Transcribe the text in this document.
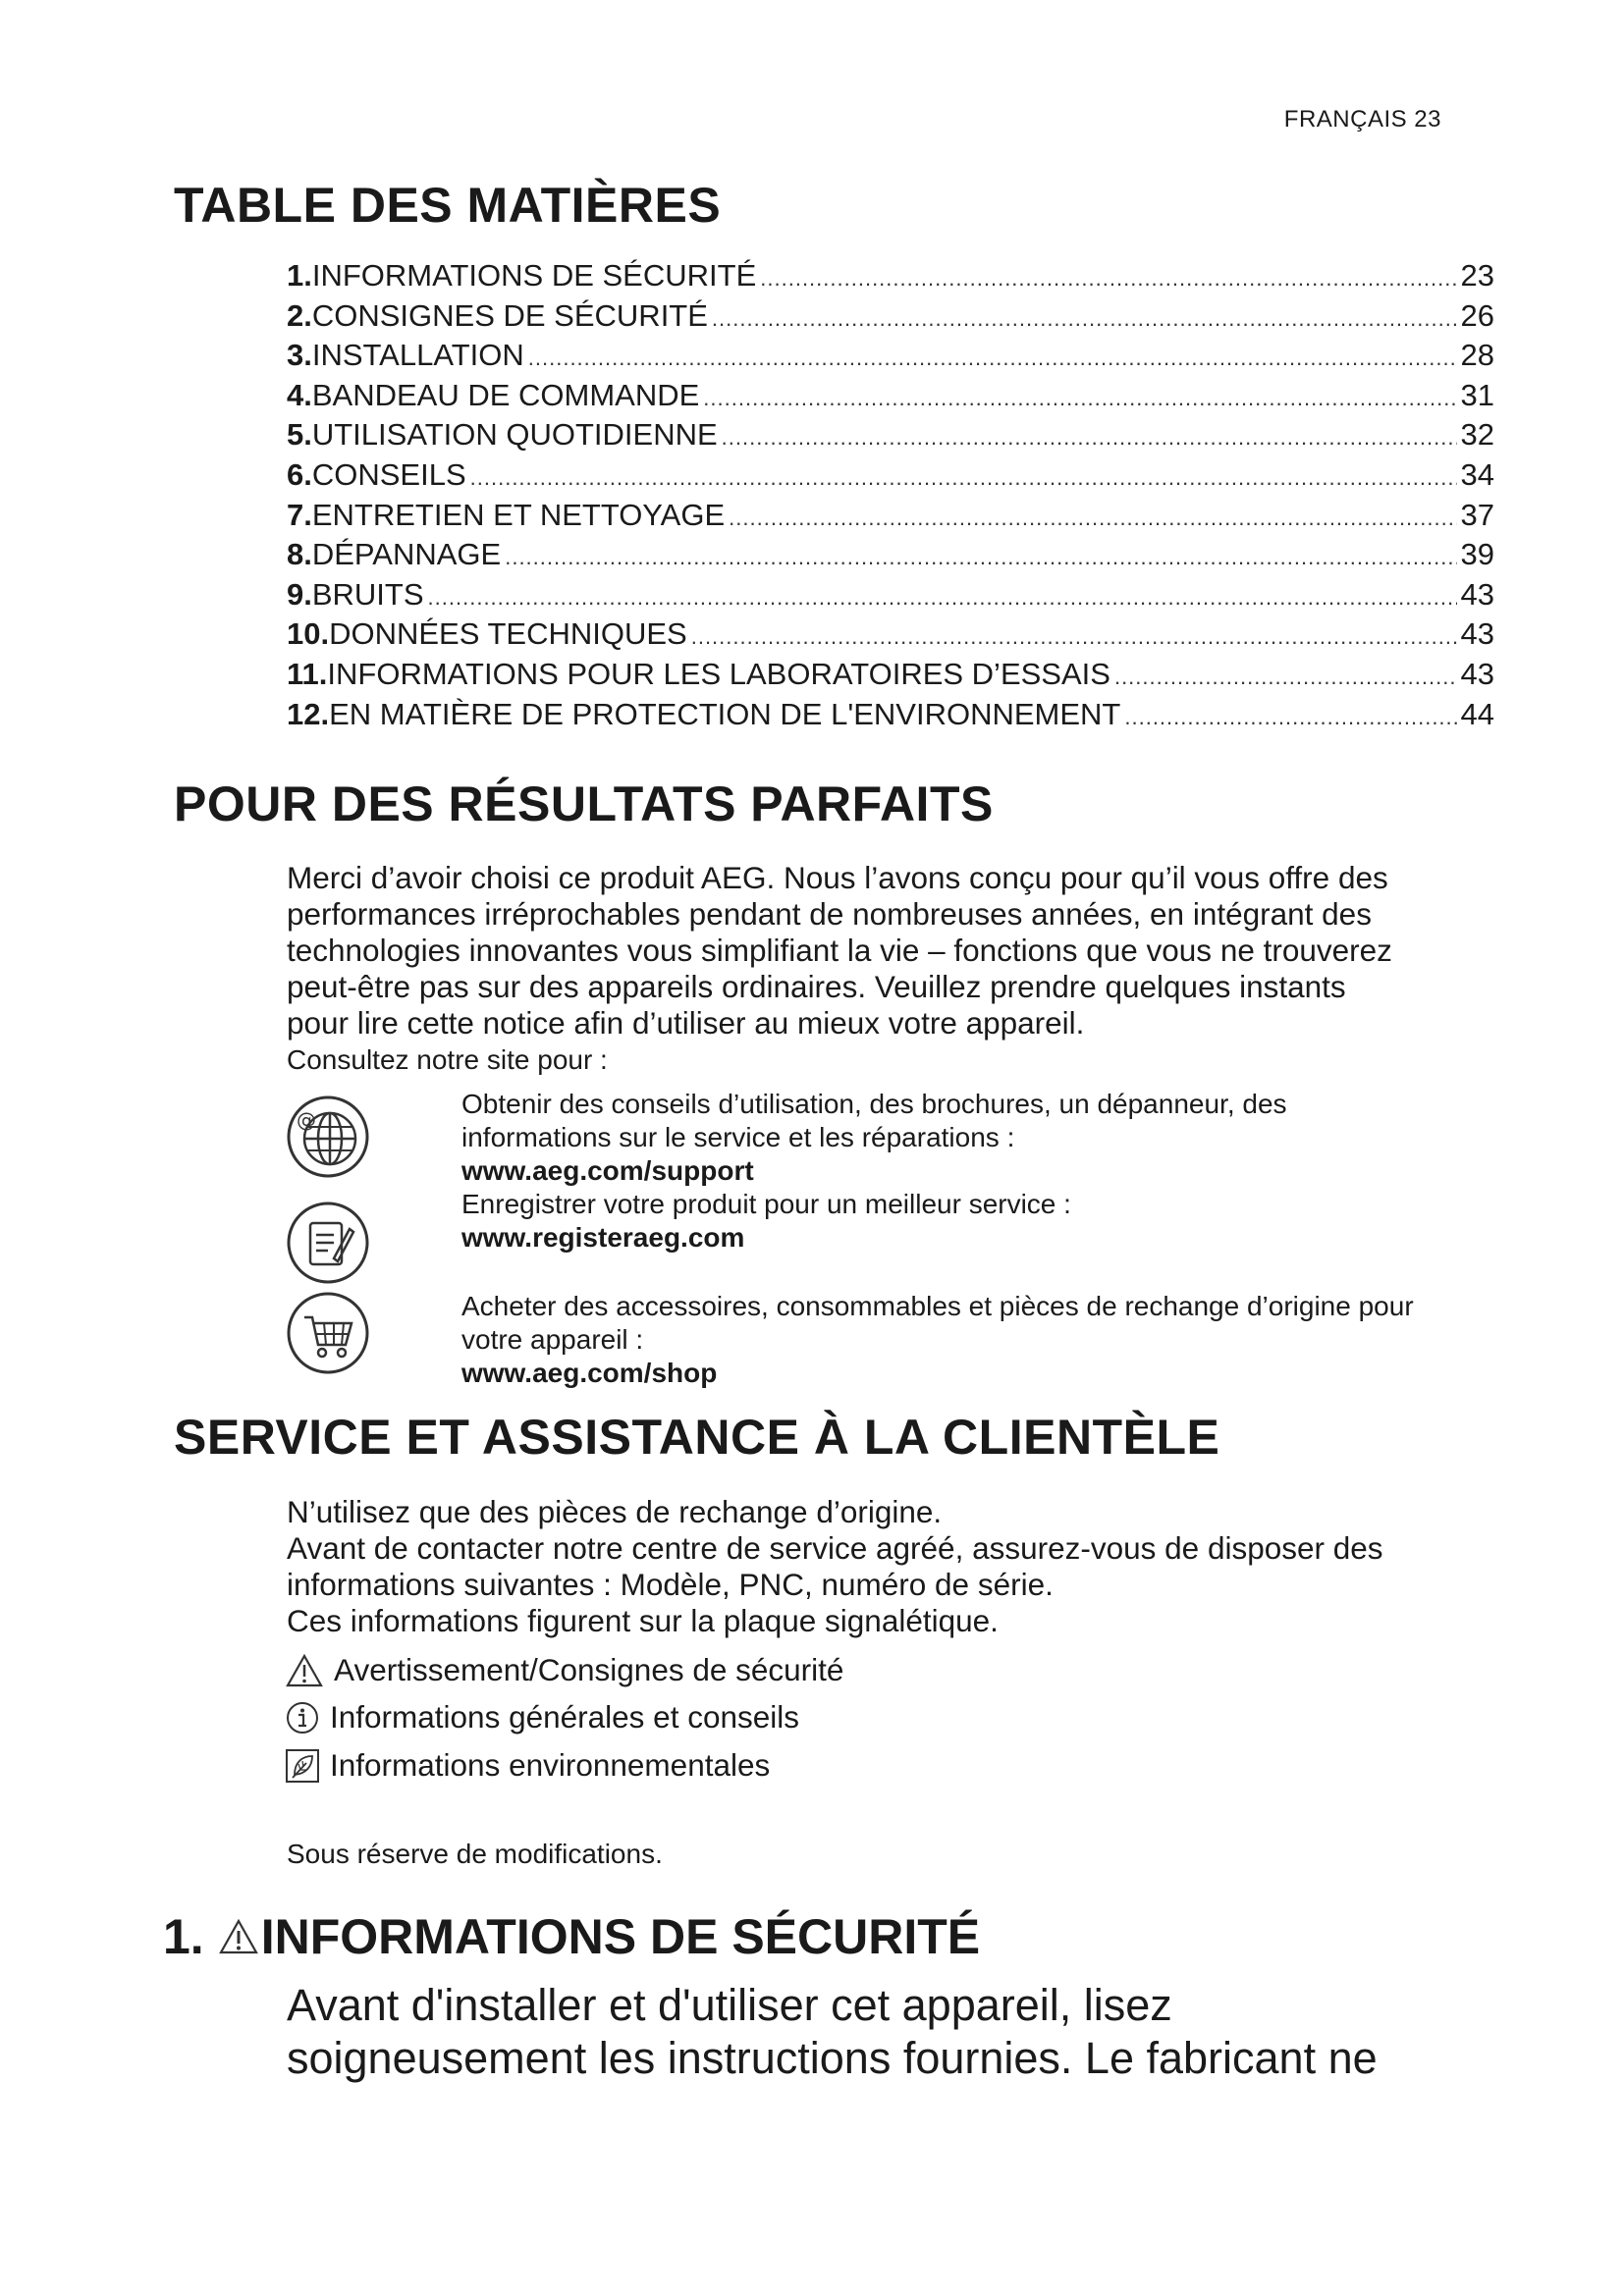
FRANÇAIS 23
TABLE DES MATIÈRES
1. INFORMATIONS DE SÉCURITÉ .....	23
2. CONSIGNES DE SÉCURITÉ .....	26
3. INSTALLATION .....	28
4. BANDEAU DE COMMANDE .....	31
5. UTILISATION QUOTIDIENNE .....	32
6. CONSEILS .....	34
7. ENTRETIEN ET NETTOYAGE .....	37
8. DÉPANNAGE .....	39
9. BRUITS .....	43
10. DONNÉES TECHNIQUES .....	43
11. INFORMATIONS POUR LES LABORATOIRES D’ESSAIS .....	43
12. EN MATIÈRE DE PROTECTION DE L'ENVIRONNEMENT .....	44
POUR DES RÉSULTATS PARFAITS
Merci d’avoir choisi ce produit AEG. Nous l’avons conçu pour qu’il vous offre des
performances irréprochables pendant de nombreuses années, en intégrant des
technologies innovantes vous simplifiant la vie – fonctions que vous ne trouverez
peut-être pas sur des appareils ordinaires. Veuillez prendre quelques instants
pour lire cette notice afin d’utiliser au mieux votre appareil.
Consultez notre site pour :
@
Obtenir des conseils d’utilisation, des brochures, un dépanneur, des
informations sur le service et les réparations :
www.aeg.com/support
Enregistrer votre produit pour un meilleur service :
www.registeraeg.com
Acheter des accessoires, consommables et pièces de rechange d’origine pour
votre appareil :
www.aeg.com/shop
SERVICE ET ASSISTANCE À LA CLIENTÈLE
N’utilisez que des pièces de rechange d’origine.
Avant de contacter notre centre de service agréé, assurez-vous de disposer des
informations suivantes : Modèle, PNC, numéro de série.
Ces informations figurent sur la plaque signalétique.
Avertissement/Consignes de sécurité
Informations générales et conseils
Informations environnementales
Sous réserve de modifications.
1. INFORMATIONS DE SÉCURITÉ
Avant d'installer et d'utiliser cet appareil, lisez
soigneusement les instructions fournies. Le fabricant ne
